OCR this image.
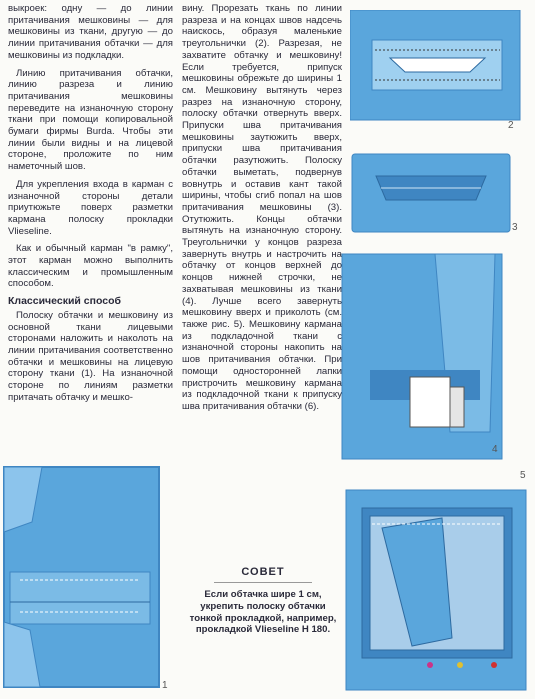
выкроек: одну — до линии притачивания мешковины — для мешковины из ткани, другую — до линии притачивания обтачки — для мешковины из подкладки.

Линию притачивания обтачки, линию разреза и линию притачивания мешковины переведите на изнаночную сторону ткани при помощи копировальной бумаги фирмы Burda. Чтобы эти линии были видны и на лицевой стороне, проложите по ним наметочный шов.

Для укрепления входа в карман с изнаночной стороны детали приутюжьте поверх разметки кармана полоску прокладки Vlieseline.

Как и обычный карман "в рамку", этот карман можно выполнить классическим и промышленным способом.

Классический способ

Полоску обтачки и мешковину из основной ткани лицевыми сторонами наложить и наколоть на линии притачивания соответственно обтачки и мешковины на лицевую сторону ткани (1). На изнаночной стороне по линиям разметки притачать обтачку и мешко-

вину. Прорезать ткань по линии разреза и на концах швов надсечь наискось, образуя маленькие треугольнички (2). Разрезая, не захватите обтачку и мешковину! Если требуется, припуск мешковины обрежьте до ширины 1 см. Мешковину вытянуть через разрез на изнаночную сторону, полоску обтачки отвернуть вверх. Припуски шва притачивания мешковины заутюжить вверх, припуски шва притачивания обтачки разутюжить. Полоску обтачки выметать, подвернув вовнутрь и оставив кант такой ширины, чтобы сгиб попал на шов притачивания мешковины (3). Отутюжить. Концы обтачки вытянуть на изнаночную сторону. Треугольнички у концов разреза завернуть внутрь и настрочить на обтачку от концов верхней до концов нижней строчки, не захватывая мешковины из ткани (4). Лучше всего завернуть мешковину вверх и приколоть (см. также рис. 5). Мешковину кармана из подкладочной ткани с изнаночной стороны накопить на шов притачивания обтачки. При помощи односторонней лапки пристрочить мешковину кармана из подкладочной ткани к припуску шва притачивания обтачки (6).

1
2
3
4
5
СОВЕТ
Если обтачка шире 1 см, укрепить полоску обтачки тонкой прокладкой, например, прокладкой Vlieseline H 180.
